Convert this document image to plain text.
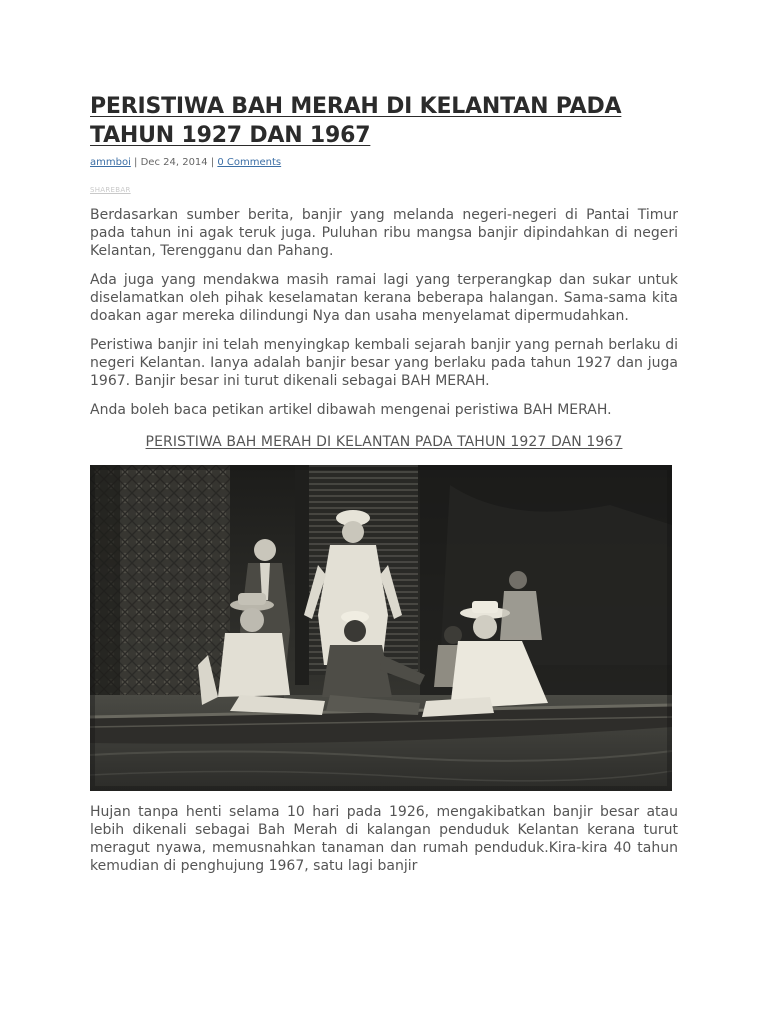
PERISTIWA BAH MERAH DI KELANTAN PADA TAHUN 1927 DAN 1967
ammboi | Dec 24, 2014 | 0 Comments
SHAREBAR

Berdasarkan sumber berita, banjir yang melanda negeri-negeri di Pantai Timur pada tahun ini agak teruk juga. Puluhan ribu mangsa banjir dipindahkan di negeri Kelantan, Terengganu dan Pahang.

Ada juga yang mendakwa masih ramai lagi yang terperangkap dan sukar untuk diselamatkan oleh pihak keselamatan kerana beberapa halangan. Sama-sama kita doakan agar mereka dilindungi Nya dan usaha menyelamat dipermudahkan.

Peristiwa banjir ini telah menyingkap kembali sejarah banjir yang pernah berlaku di negeri Kelantan. Ianya adalah banjir besar yang berlaku pada tahun 1927 dan juga 1967. Banjir besar ini turut dikenali sebagai BAH MERAH.

Anda boleh baca petikan artikel dibawah mengenai peristiwa BAH MERAH.

PERISTIWA BAH MERAH DI KELANTAN PADA TAHUN 1927 DAN 1967

Hujan tanpa henti selama 10 hari pada 1926, mengakibatkan banjir besar atau lebih dikenali sebagai Bah Merah di kalangan penduduk Kelantan kerana turut meragut nyawa, memusnahkan tanaman dan rumah penduduk.Kira-kira 40 tahun kemudian di penghujung 1967, satu lagi banjir
